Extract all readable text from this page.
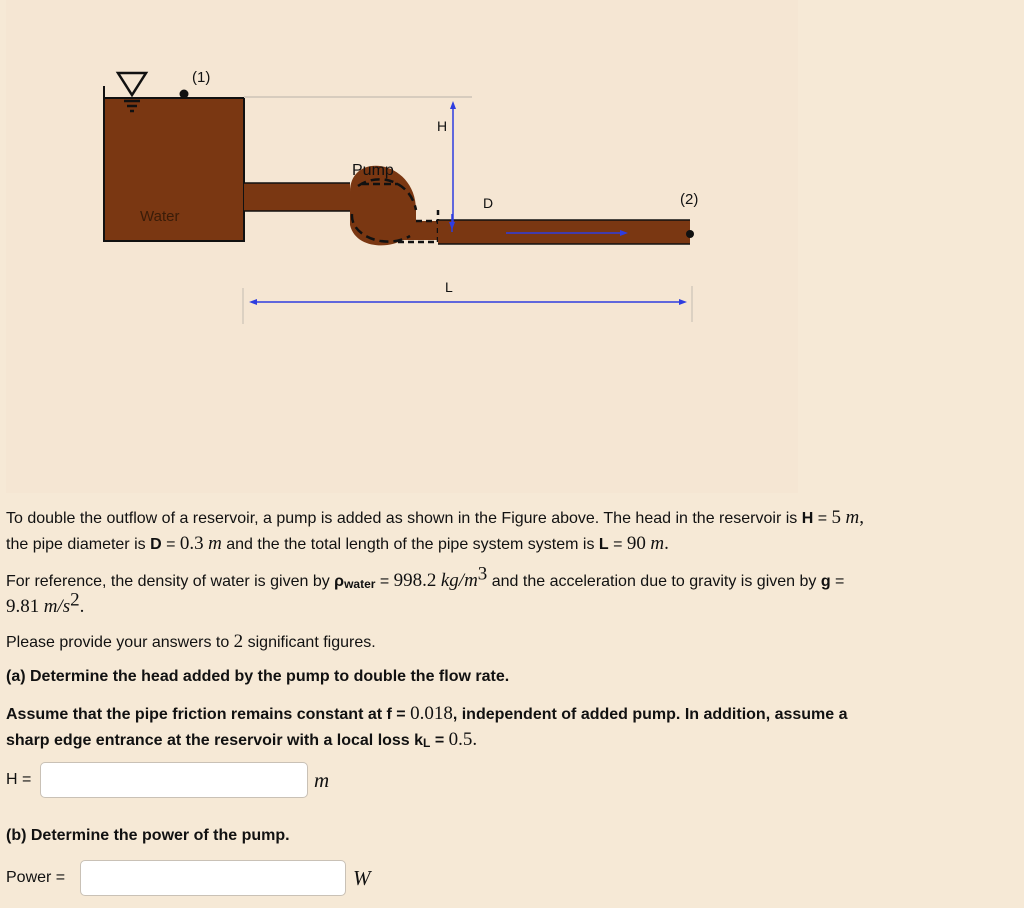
(1)
Water
Pump
(2)
D
H
L
To double the outflow of a reservoir, a pump is added as shown in the Figure above. The head in the reservoir is H = 5 m,
the pipe diameter is D = 0.3 m and the the total length of the pipe system system is L = 90 m.
For reference, the density of water is given by $\rho_{water} = 998.2$ $kg/m^3$ and the acceleration due to gravity is given by g =
9.81 $m/s^2$.
Please provide your answers to 2 significant figures.
(a) Determine the head added by the pump to double the flow rate.
Assume that the pipe friction remains constant at f = 0.018, independent of added pump. In addition, assume a
sharp edge entrance at the reservoir with a local loss $k_L = 0.5$.
H =	m
(b) Determine the power of the pump.
Power =	W
